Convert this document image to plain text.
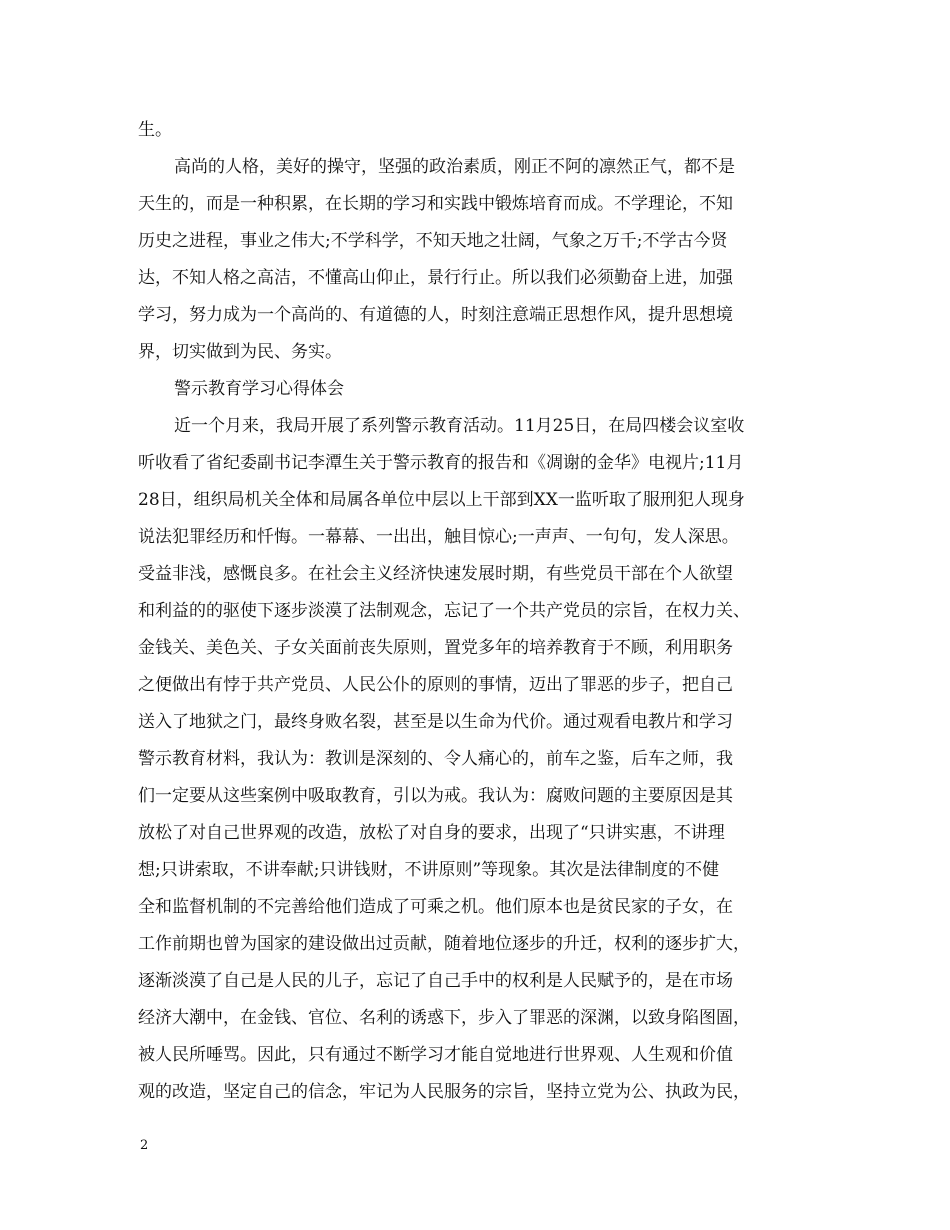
生。
高尚的人格，美好的操守，坚强的政治素质，刚正不阿的凛然正气，都不是
天生的，而是一种积累，在长期的学习和实践中锻炼培育而成。不学理论，不知
历史之进程，事业之伟大;不学科学，不知天地之壮阔，气象之万千;不学古今贤
达，不知人格之高洁，不懂高山仰止，景行行止。所以我们必须勤奋上进，加强
学习，努力成为一个高尚的、有道德的人，时刻注意端正思想作风，提升思想境
界，切实做到为民、务实。
警示教育学习心得体会
近一个月来，我局开展了系列警示教育活动。11月25日，在局四楼会议室收
听收看了省纪委副书记李潭生关于警示教育的报告和《凋谢的金华》电视片;11月
28日，组织局机关全体和局属各单位中层以上干部到XX一监听取了服刑犯人现身
说法犯罪经历和忏悔。一幕幕、一出出，触目惊心;一声声、一句句，发人深思。
受益非浅，感慨良多。在社会主义经济快速发展时期，有些党员干部在个人欲望
和利益的的驱使下逐步淡漠了法制观念，忘记了一个共产党员的宗旨，在权力关、
金钱关、美色关、子女关面前丧失原则，置党多年的培养教育于不顾，利用职务
之便做出有悖于共产党员、人民公仆的原则的事情，迈出了罪恶的步子，把自己
送入了地狱之门，最终身败名裂，甚至是以生命为代价。通过观看电教片和学习
警示教育材料，我认为：教训是深刻的、令人痛心的，前车之鉴，后车之师，我
们一定要从这些案例中吸取教育，引以为戒。我认为：腐败问题的主要原因是其
放松了对自己世界观的改造，放松了对自身的要求，出现了“只讲实惠，不讲理
想;只讲索取，不讲奉献;只讲钱财，不讲原则”等现象。其次是法律制度的不健
全和监督机制的不完善给他们造成了可乘之机。他们原本也是贫民家的子女，在
工作前期也曾为国家的建设做出过贡献，随着地位逐步的升迁，权利的逐步扩大，
逐渐淡漠了自己是人民的儿子，忘记了自己手中的权利是人民赋予的，是在市场
经济大潮中，在金钱、官位、名利的诱惑下，步入了罪恶的深渊，以致身陷图圄，
被人民所唾骂。因此，只有通过不断学习才能自觉地进行世界观、人生观和价值
观的改造，坚定自己的信念，牢记为人民服务的宗旨，坚持立党为公、执政为民，
2
